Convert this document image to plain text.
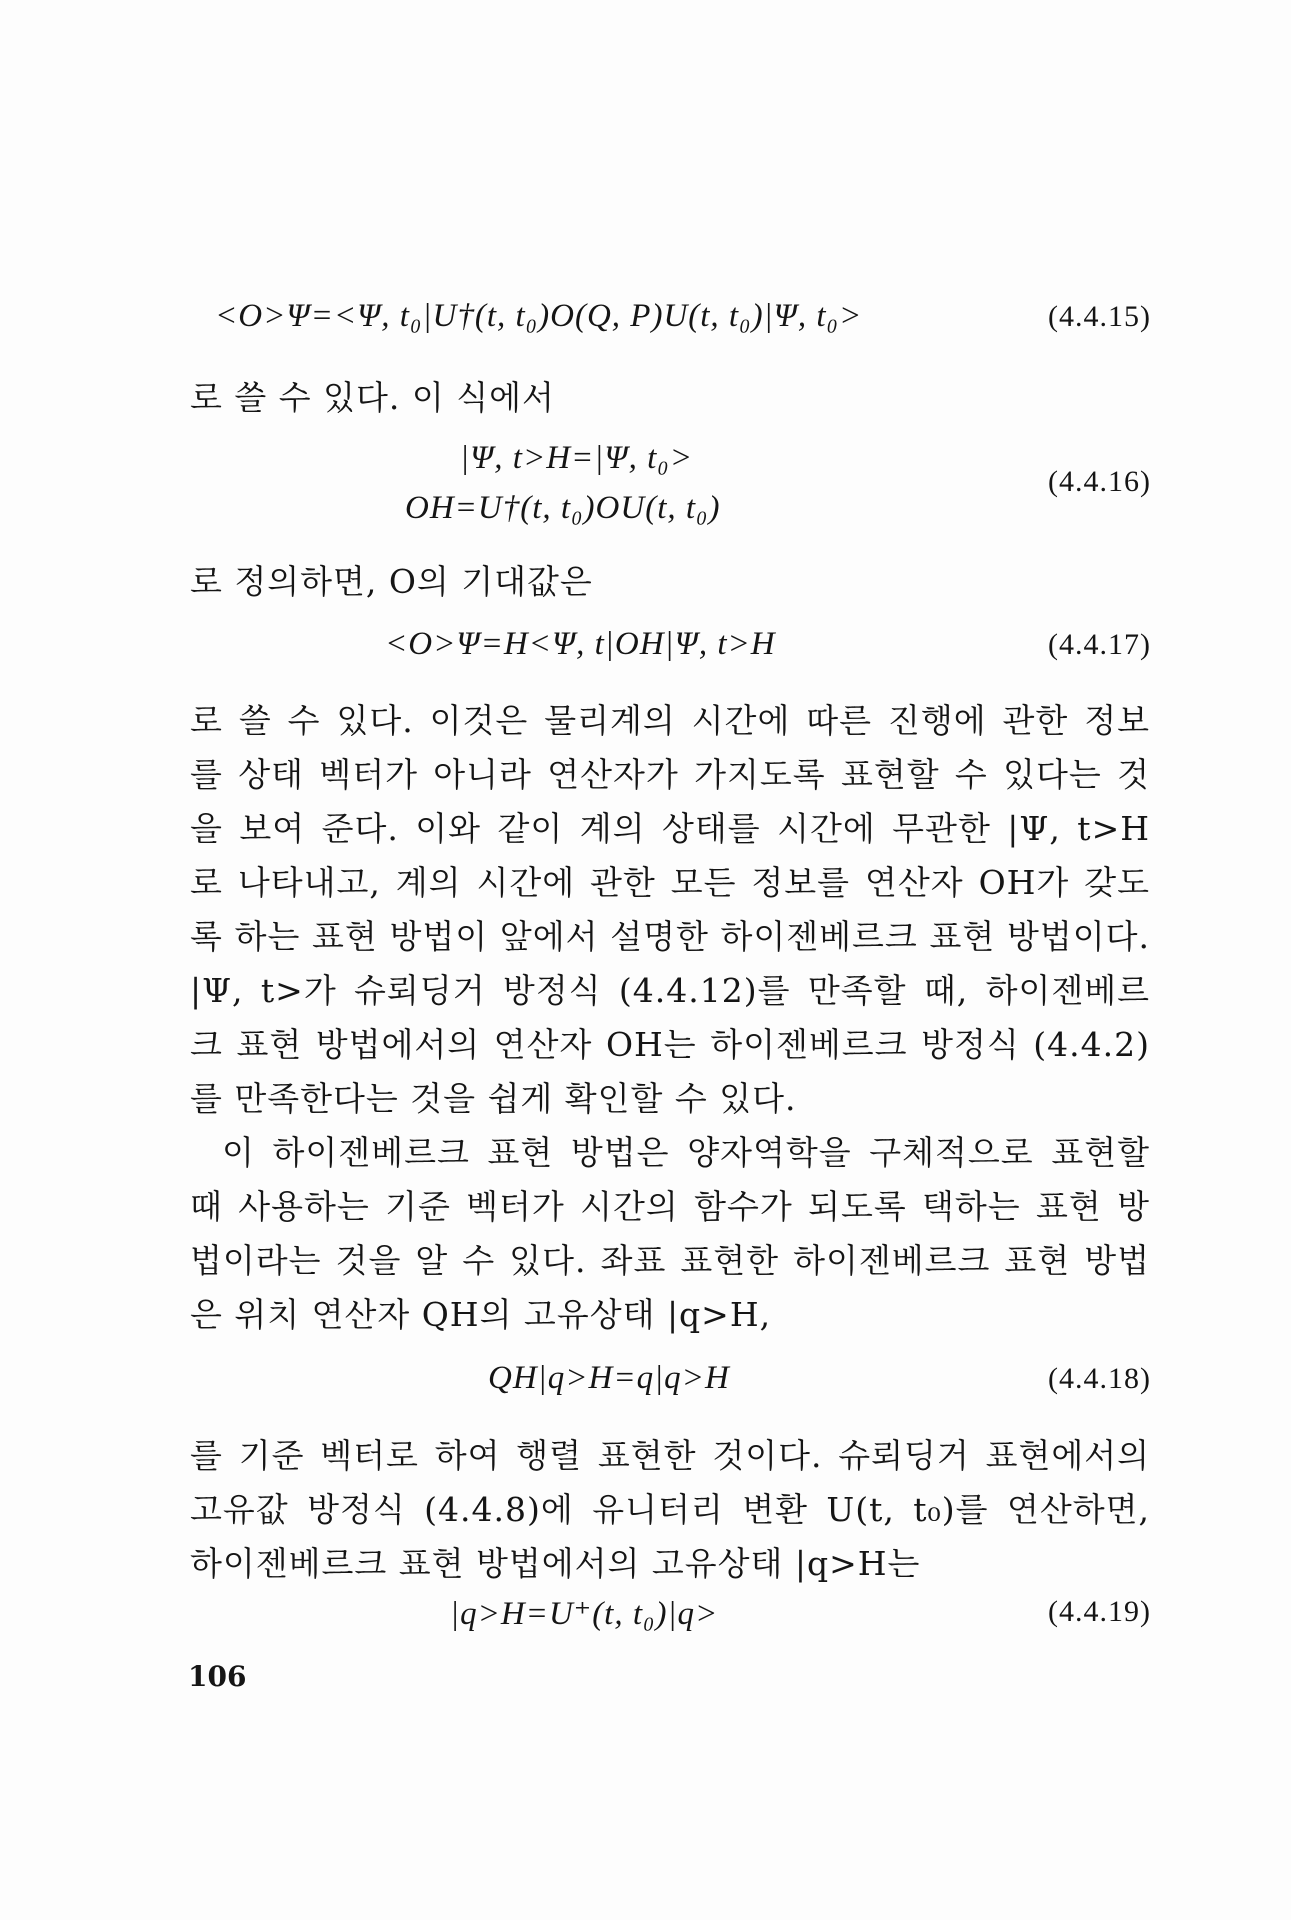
<O>Ψ=<Ψ, t₀|U†(t, t₀)O(Q, P)U(t, t₀)|Ψ, t₀>	(4.4.15)
로 쓸 수 있다. 이 식에서
|Ψ, t>H=|Ψ, t₀>
OH=U†(t, t₀)OU(t, t₀)
(4.4.16)
로 정의하면, O의 기대값은
<O>Ψ=H<Ψ, t|OH|Ψ, t>H	(4.4.17)
로 쓸 수 있다. 이것은 물리계의 시간에 따른 진행에 관한 정보
를 상태 벡터가 아니라 연산자가 가지도록 표현할 수 있다는 것
을 보여 준다. 이와 같이 계의 상태를 시간에 무관한 |Ψ, t>H
로 나타내고, 계의 시간에 관한 모든 정보를 연산자 OH가 갖도
록 하는 표현 방법이 앞에서 설명한 하이젠베르크 표현 방법이다.
|Ψ, t>가 슈뢰딩거 방정식 (4.4.12)를 만족할 때, 하이젠베르
크 표현 방법에서의 연산자 OH는 하이젠베르크 방정식 (4.4.2)
를 만족한다는 것을 쉽게 확인할 수 있다.
이 하이젠베르크 표현 방법은 양자역학을 구체적으로 표현할
때 사용하는 기준 벡터가 시간의 함수가 되도록 택하는 표현 방
법이라는 것을 알 수 있다. 좌표 표현한 하이젠베르크 표현 방법
은 위치 연산자 QH의 고유상태 |q>H,
QH|q>H=q|q>H	(4.4.18)
를 기준 벡터로 하여 행렬 표현한 것이다. 슈뢰딩거 표현에서의
고유값 방정식 (4.4.8)에 유니터리 변환 U(t, t₀)를 연산하면,
하이젠베르크 표현 방법에서의 고유상태 |q>H는
|q>H=U⁺(t, t₀)|q>	(4.4.19)
106
